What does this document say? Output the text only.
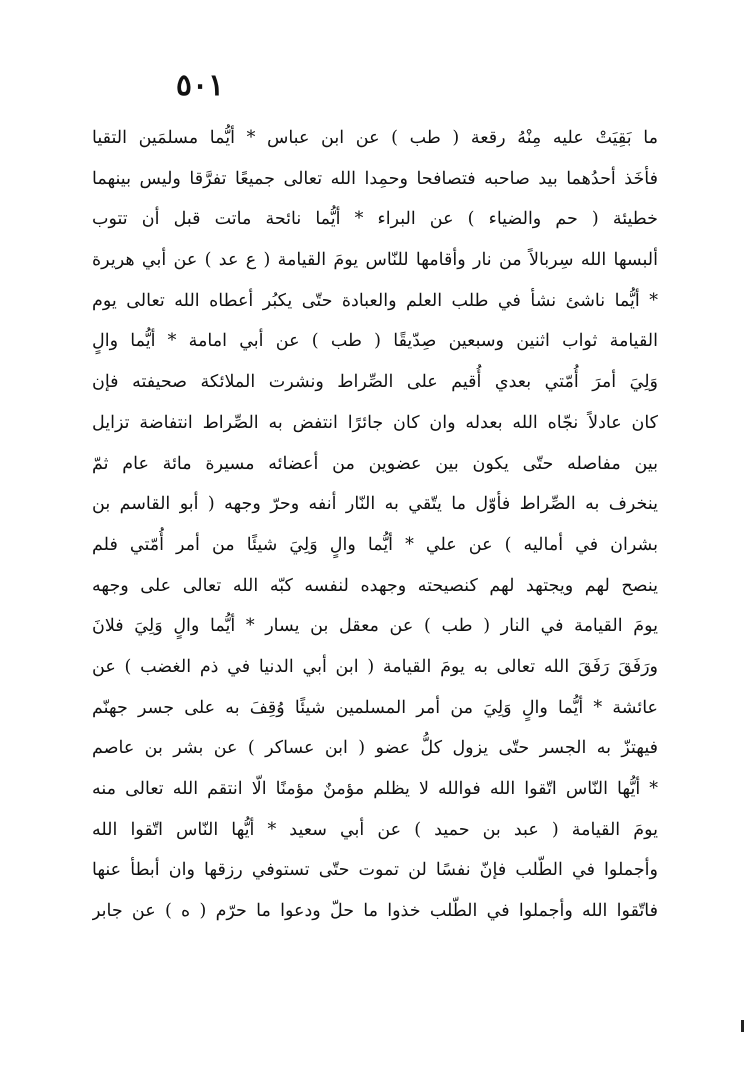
٥٠١
ما بَقِيَتْ عليه مِنْهُ رقعة ( طب ) عن ابن عباس * أيُّما مسلمَين التقيا
فأخَذ أحدُهما بيد صاحبه فتصافحا وحمِدا الله تعالى جميعًا تفرَّقا وليس بينهما
خطيئة ( حم والضياء ) عن البراء * أيُّما نائحة ماتت قبل أن تتوب
ألبسها الله سِربالاً من نار وأقامها للنّاس يومَ القيامة ( ع عد ) عن أبي هريرة
* أيُّما ناشئ نشأ في طلب العلم والعبادة حتّى يكبُر أعطاه الله تعالى يوم
القيامة ثواب اثنين وسبعين صِدّيقًا ( طب ) عن أبي امامة * أيُّما والٍ
وَلِيَ أمرَ أُمّتي بعدي أُقيم على الصِّراط ونشرت الملائكة صحيفته فإن
كان عادلاً نجّاه الله بعدله وان كان جائرًا انتفض به الصِّراط انتفاضة تزايل
بين مفاصله حتّى يكون بين عضوين من أعضائه مسيرة مائة عام ثمّ
ينخرف به الصِّراط فأوّل ما يتّقي به النّار أنفه وحرّ وجهه ( أبو القاسم بن
بشران في أماليه ) عن علي * أيُّما والٍ وَلِيَ شيئًا من أمر أُمّتي فلم
ينصح لهم ويجتهد لهم كنصيحته وجهده لنفسه كبّه الله تعالى على وجهه
يومَ القيامة في النار ( طب ) عن معقل بن يسار * أيُّما والٍ وَلِيَ فلانَ
ورَفَقَ رَفَقَ الله تعالى به يومَ القيامة ( ابن أبي الدنيا في ذم الغضب ) عن
عائشة * أيُّما والٍ وَلِيَ من أمر المسلمين شيئًا وُقِفَ به على جسر جهنّم
فيهتزّ به الجسر حتّى يزول كلُّ عضو ( ابن عساكر ) عن بشر بن عاصم
* أيُّها النّاس اتّقوا الله فوالله لا يظلم مؤمنٌ مؤمنًا الّا انتقم الله تعالى منه
يومَ القيامة ( عبد بن حميد ) عن أبي سعيد * أيُّها النّاس اتّقوا الله
وأجملوا في الطّلب فإنّ نفسًا لن تموت حتّى تستوفي رزقها وان أبطأ عنها
فاتّقوا الله وأجملوا في الطّلب خذوا ما حلّ ودعوا ما حرّم ( ه ) عن جابر
